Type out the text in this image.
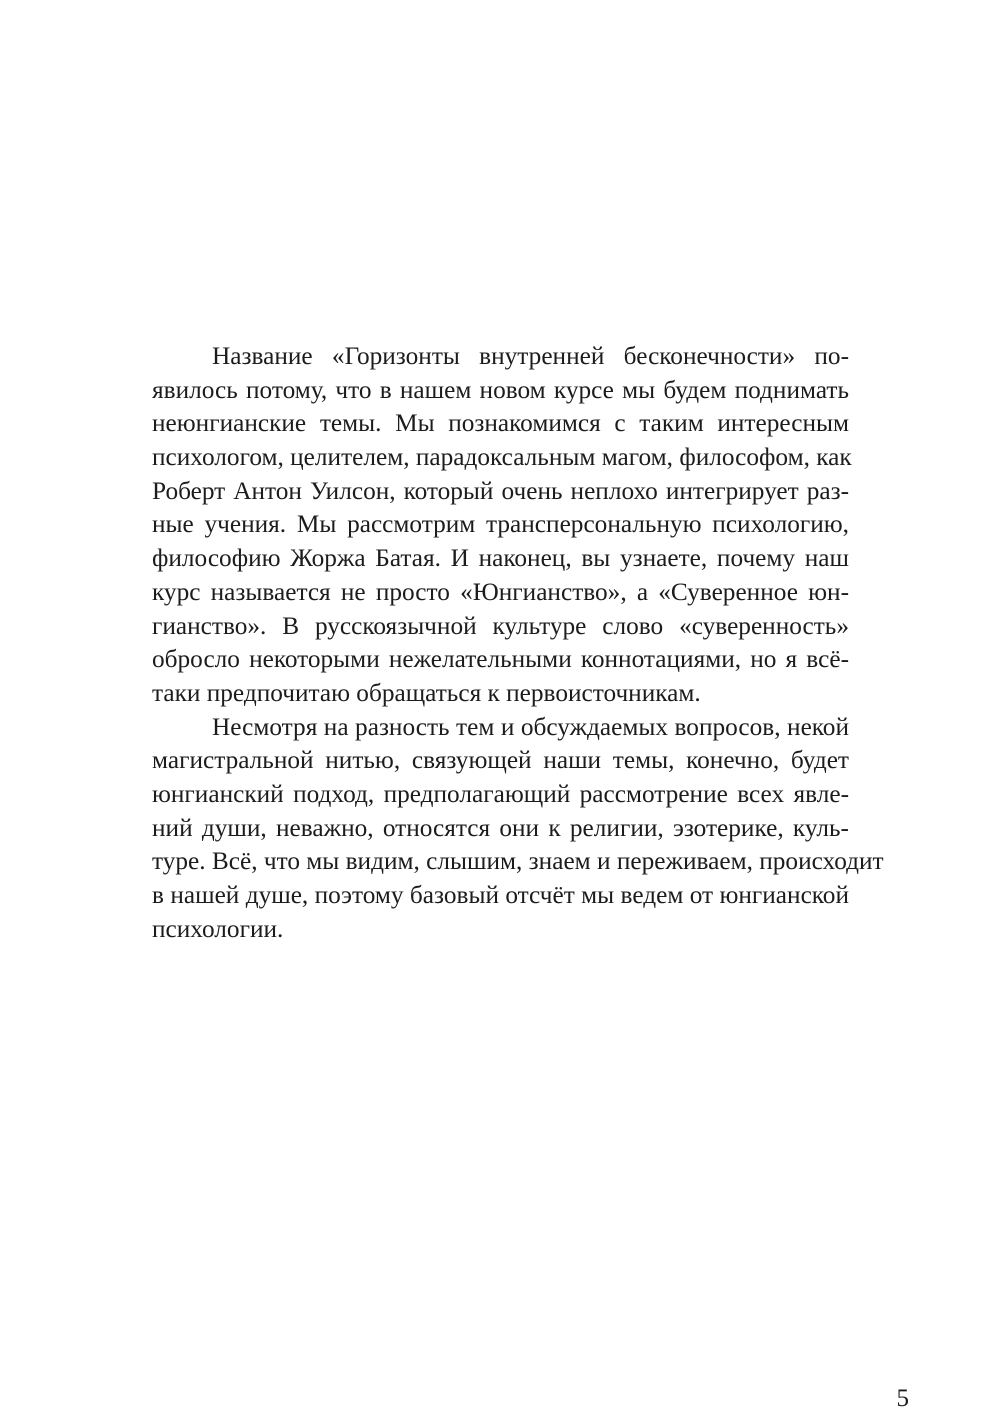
Название «Горизонты внутренней бесконечности» по-
явилось потому, что в нашем новом курсе мы будем поднимать
неюнгианские темы. Мы познакомимся с таким интересным
психологом, целителем, парадоксальным магом, философом, как
Роберт Антон Уилсон, который очень неплохо интегрирует раз-
ные учения. Мы рассмотрим трансперсональную психологию,
философию Жоржа Батая. И наконец, вы узнаете, почему наш
курс называется не просто «Юнгианство», а «Суверенное юн-
гианство». В русскоязычной культуре слово «суверенность»
обросло некоторыми нежелательными коннотациями, но я всё-
таки предпочитаю обращаться к первоисточникам.
Несмотря на разность тем и обсуждаемых вопросов, некой
магистральной нитью, связующей наши темы, конечно, будет
юнгианский подход, предполагающий рассмотрение всех явле-
ний души, неважно, относятся они к религии, эзотерике, куль-
туре. Всё, что мы видим, слышим, знаем и переживаем, происходит
в нашей душе, поэтому базовый отсчёт мы ведем от юнгианской
психологии.
5
